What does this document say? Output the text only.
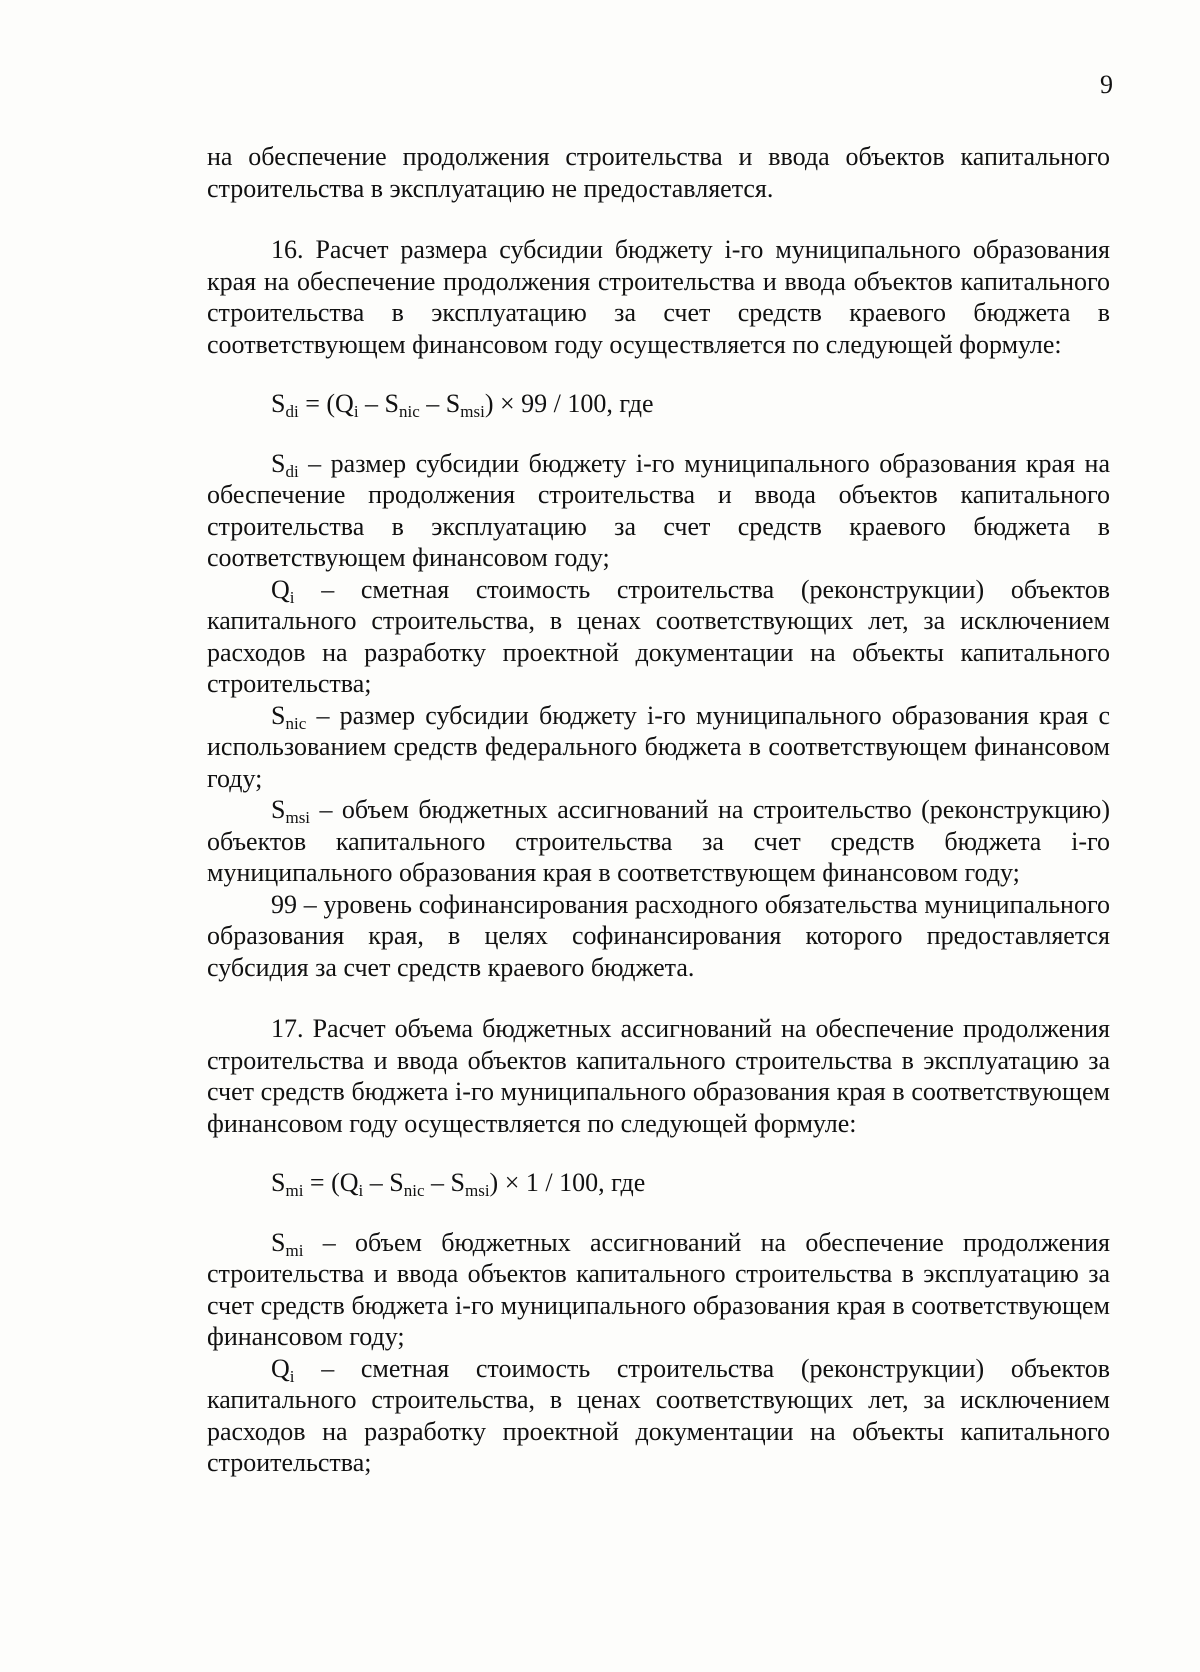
9

на обеспечение продолжения строительства и ввода объектов капитального строительства в эксплуатацию не предоставляется.

16. Расчет размера субсидии бюджету i-го муниципального образования края на обеспечение продолжения строительства и ввода объектов капитального строительства в эксплуатацию за счет средств краевого бюджета в соответствующем финансовом году осуществляется по следующей формуле:

$S_{di} = (Q_i - S_{nic} - S_{msi}) \times 99 / 100$, где

$S_{di}$ – размер субсидии бюджету i-го муниципального образования края на обеспечение продолжения строительства и ввода объектов капитального строительства в эксплуатацию за счет средств краевого бюджета в соответствующем финансовом году;

$Q_i$ – сметная стоимость строительства (реконструкции) объектов капитального строительства, в ценах соответствующих лет, за исключением расходов на разработку проектной документации на объекты капитального строительства;

$S_{nic}$ – размер субсидии бюджету i-го муниципального образования края с использованием средств федерального бюджета в соответствующем финансовом году;

$S_{msi}$ – объем бюджетных ассигнований на строительство (реконструкцию) объектов капитального строительства за счет средств бюджета i-го муниципального образования края в соответствующем финансовом году;

99 – уровень софинансирования расходного обязательства муниципального образования края, в целях софинансирования которого предоставляется субсидия за счет средств краевого бюджета.

17. Расчет объема бюджетных ассигнований на обеспечение продолжения строительства и ввода объектов капитального строительства в эксплуатацию за счет средств бюджета i-го муниципального образования края в соответствующем финансовом году осуществляется по следующей формуле:

$S_{mi} = (Q_i - S_{nic} - S_{msi}) \times 1 / 100$, где

$S_{mi}$ – объем бюджетных ассигнований на обеспечение продолжения строительства и ввода объектов капитального строительства в эксплуатацию за счет средств бюджета i-го муниципального образования края в соответствующем финансовом году;

$Q_i$ – сметная стоимость строительства (реконструкции) объектов капитального строительства, в ценах соответствующих лет, за исключением расходов на разработку проектной документации на объекты капитального строительства;
